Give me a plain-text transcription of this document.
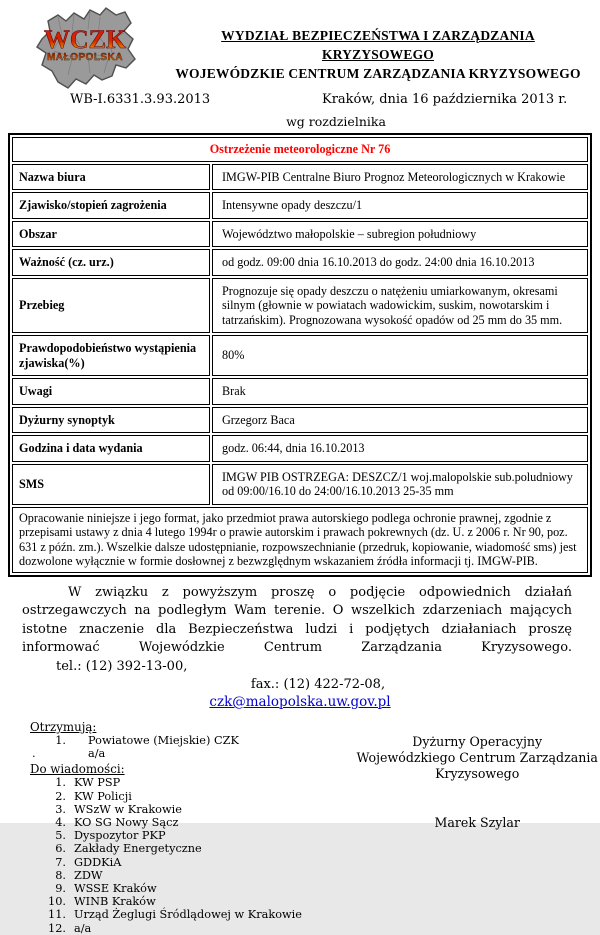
WCZK
MAŁOPOLSKA
WYDZIAŁ BEZPIECZEŃSTWA I ZARZĄDZANIA KRYZYSOWEGO
WOJEWÓDZKIE CENTRUM ZARZĄDZANIA KRYZYSOWEGO
WB-I.6331.3.93.2013	Kraków, dnia 16 października 2013 r.
wg rozdzielnika
Ostrzeżenie meteorologiczne Nr 76	
Nazwa biura	IMGW-PIB Centralne Biuro Prognoz Meteorologicznych w Krakowie
Zjawisko/stopień zagrożenia	Intensywne opady deszczu/1
Obszar	Województwo małopolskie – subregion południowy
Ważność (cz. urz.)	od godz. 09:00 dnia 16.10.2013 do godz. 24:00 dnia 16.10.2013
Przebieg	Prognozuje się opady deszczu o natężeniu umiarkowanym, okresami silnym (głownie w powiatach wadowickim, suskim, nowotarskim i tatrzańskim). Prognozowana wysokość opadów od 25 mm do 35 mm.
Prawdopodobieństwo wystąpienia zjawiska(%)	80%
Uwagi	Brak
Dyżurny synoptyk	Grzegorz Baca
Godzina i data wydania	godz. 06:44, dnia 16.10.2013
SMS	IMGW PIB OSTRZEGA: DESZCZ/1 woj.malopolskie sub.poludniowy od 09:00/16.10 do 24:00/16.10.2013 25-35 mm
Opracowanie niniejsze i jego format, jako przedmiot prawa autorskiego podlega ochronie prawnej, zgodnie z przepisami ustawy z dnia 4 lutego 1994r o prawie autorskim i prawach pokrewnych (dz. U. z 2006 r. Nr 90, poz. 631 z późn. zm.). Wszelkie dalsze udostępnianie, rozpowszechnianie (przedruk, kopiowanie, wiadomość sms) jest dozwolone wyłącznie w formie dosłownej z bezwzględnym wskazaniem źródła informacji tj. IMGW-PIB.	
W związku z powyższym proszę o podjęcie odpowiednich działań ostrzegawczych na podległym Wam terenie. O wszelkich zdarzeniach mających istotne znaczenie dla Bezpieczeństwa ludzi i podjętych działaniach proszę informować Wojewódzkie Centrum Zarządzania Kryzysowego. tel.: (12) 392-13-00,
fax.: (12) 422-72-08,
czk@malopolska.uw.gov.pl
Otrzymują:
1.	Powiatowe (Miejskie) CZK
.	a/a
Do wiadomości:
1. KW PSP
2. KW Policji
3. WSzW w Krakowie
4. KO SG Nowy Sącz
5. Dyspozytor PKP
6. Zakłady Energetyczne
7. GDDKiA
8. ZDW
9. WSSE Kraków
10. WINB Kraków
11. Urząd Żeglugi Śródlądowej w Krakowie
12. a/a
Dyżurny Operacyjny
Wojewódzkiego Centrum Zarządzania
Kryzysowego
Marek Szylar
